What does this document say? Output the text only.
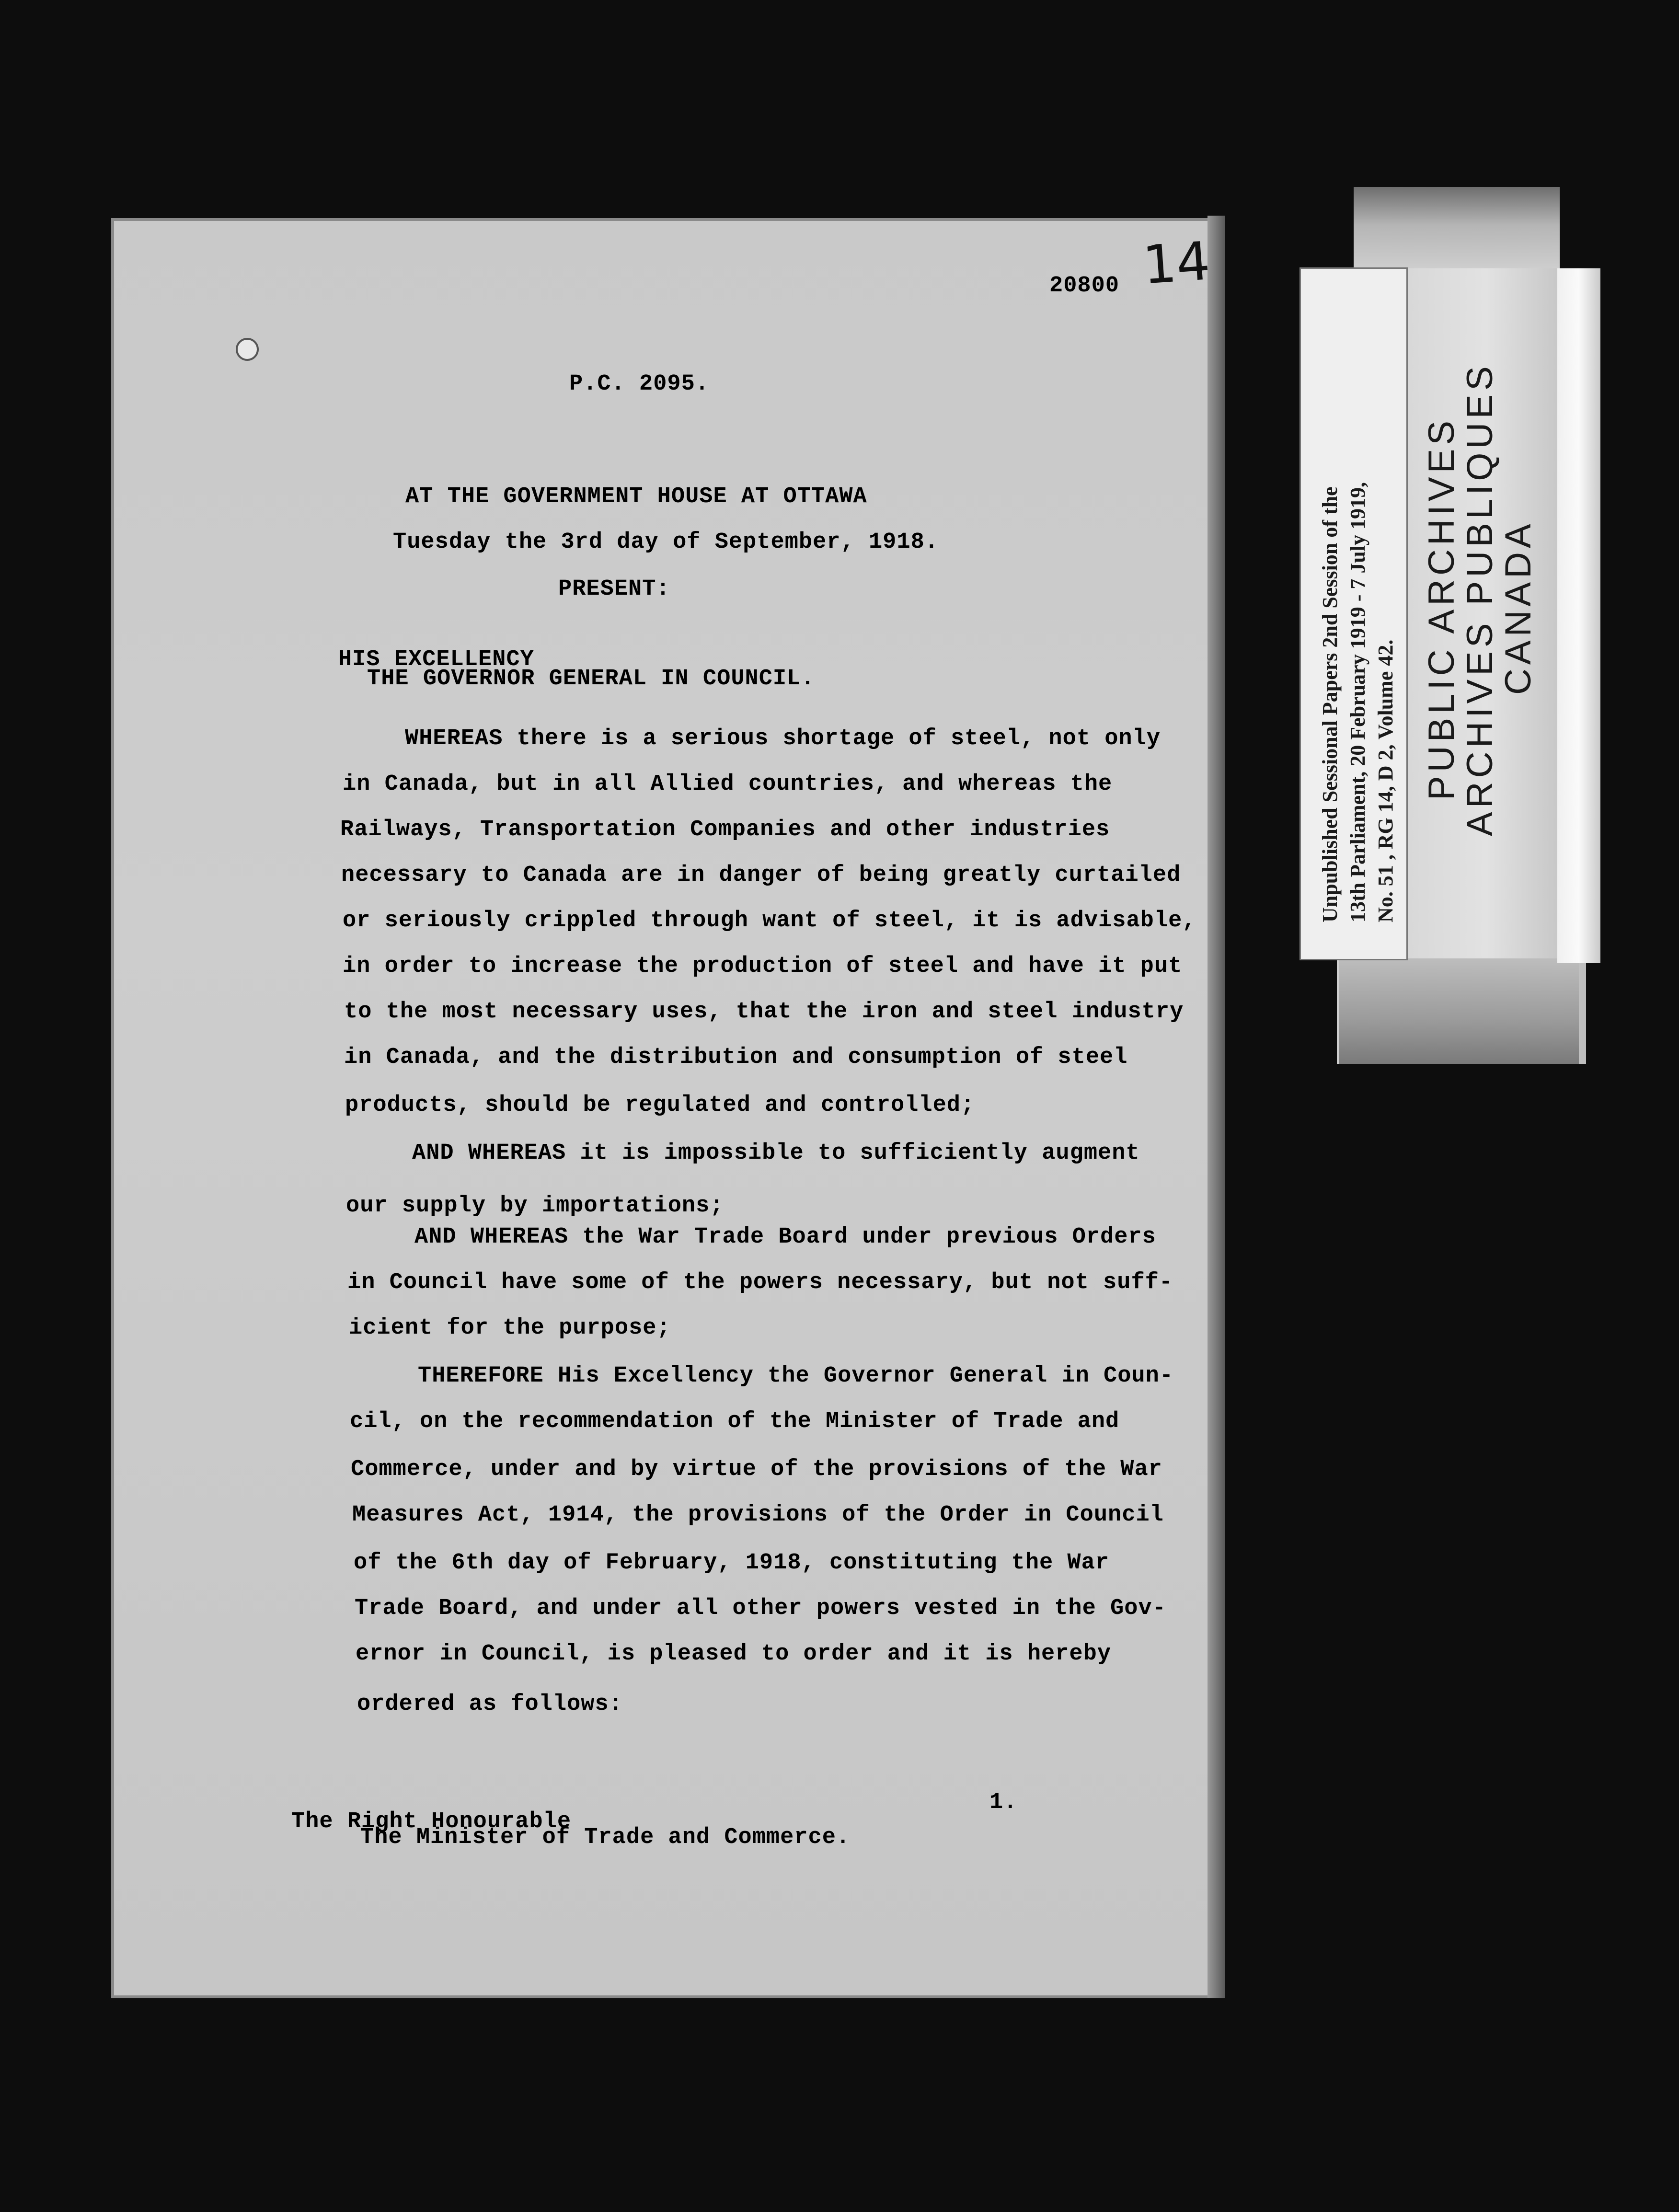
14
20800
P.C. 2095.
AT THE GOVERNMENT HOUSE AT OTTAWA
Tuesday the 3rd day of September, 1918.
PRESENT:
HIS EXCELLENCY
THE GOVERNOR GENERAL IN COUNCIL.
WHEREAS there is a serious shortage of steel, not only
in Canada, but in all Allied countries, and whereas the
Railways, Transportation Companies and other industries
necessary to Canada are in danger of being greatly curtailed
or seriously crippled through want of steel, it is advisable,
in order to increase the production of steel and have it put
to the most necessary uses, that the iron and steel industry
in Canada, and the distribution and consumption of steel
products, should be regulated and controlled;
AND WHEREAS it is impossible to sufficiently augment
our supply by importations;
AND WHEREAS the War Trade Board under previous Orders
in Council have some of the powers necessary, but not suff-
icient for the purpose;
THEREFORE His Excellency the Governor General in Coun-
cil, on the recommendation of the Minister of Trade and
Commerce, under and by virtue of the provisions of the War
Measures Act, 1914, the provisions of the Order in Council
of the 6th day of February, 1918, constituting the War
Trade Board, and under all other powers vested in the Gov-
ernor in Council, is pleased to order and it is hereby
ordered as follows:
1.
The Right Honourable
The Minister of Trade and Commerce.
Unpublished Sessional Papers 2nd Session of the 13th Parliament, 20 February 1919 - 7 July 1919, No. 51 , RG 14, D 2, Volume 42. PUBLIC ARCHIVES
ARCHIVES PUBLIQUES
CANADA
